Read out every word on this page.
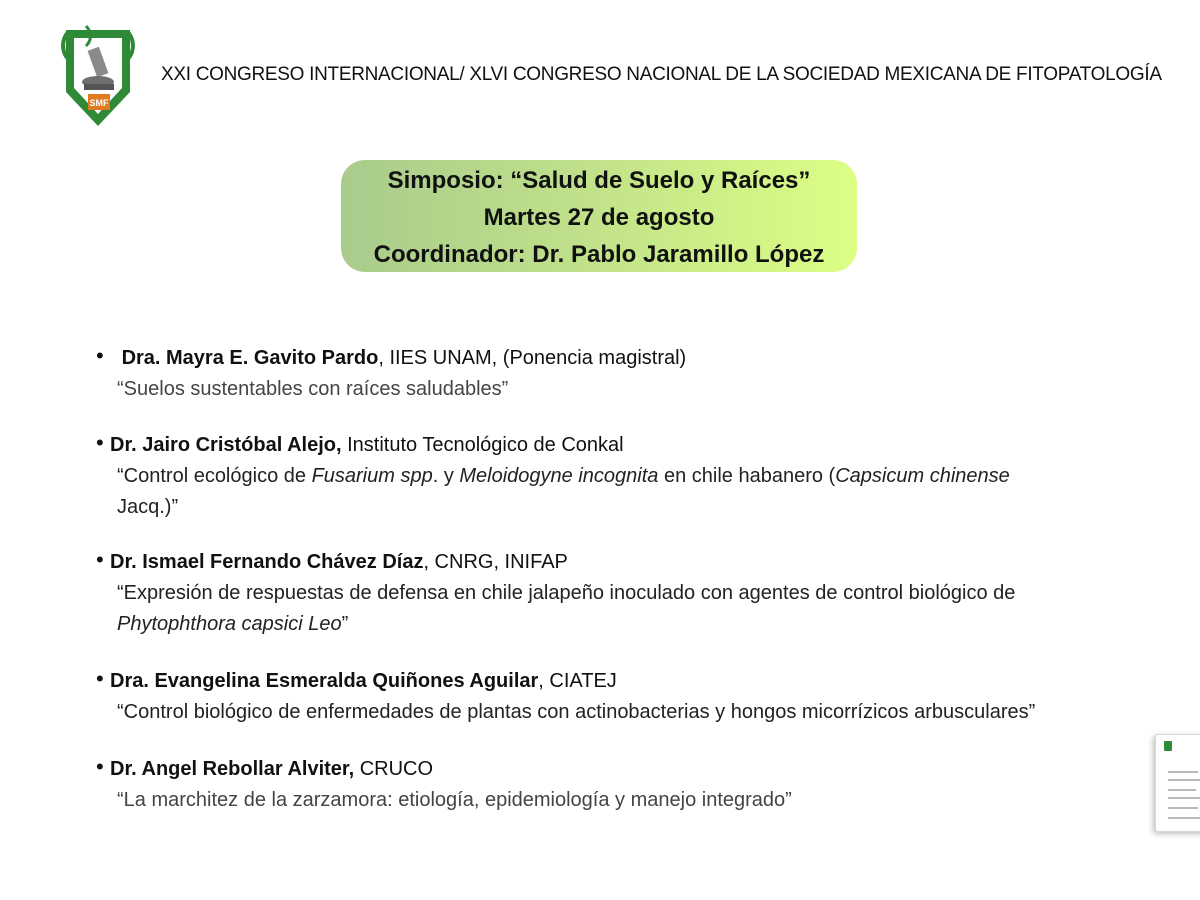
SMF
XXI CONGRESO INTERNACIONAL/ XLVI CONGRESO NACIONAL DE LA SOCIEDAD MEXICANA DE FITOPATOLOGÍA
Simposio: “Salud de Suelo y Raíces”
Martes 27 de agosto
Coordinador: Dr. Pablo Jaramillo López
• Dra. Mayra E. Gavito Pardo, IIES UNAM, (Ponencia magistral)
“Suelos sustentables con raíces saludables”
• Dr. Jairo Cristóbal Alejo, Instituto Tecnológico de Conkal
“Control ecológico de Fusarium spp. y Meloidogyne incognita en chile habanero (Capsicum chinense
Jacq.)”
• Dr. Ismael Fernando Chávez Díaz, CNRG, INIFAP
“Expresión de respuestas de defensa en chile jalapeño inoculado con agentes de control biológico de
Phytophthora capsici Leo”
• Dra. Evangelina Esmeralda Quiñones Aguilar, CIATEJ
“Control biológico de enfermedades de plantas con actinobacterias y hongos micorrízicos arbusculares”
• Dr. Angel Rebollar Alviter, CRUCO
“La marchitez de la zarzamora: etiología, epidemiología y manejo integrado”
